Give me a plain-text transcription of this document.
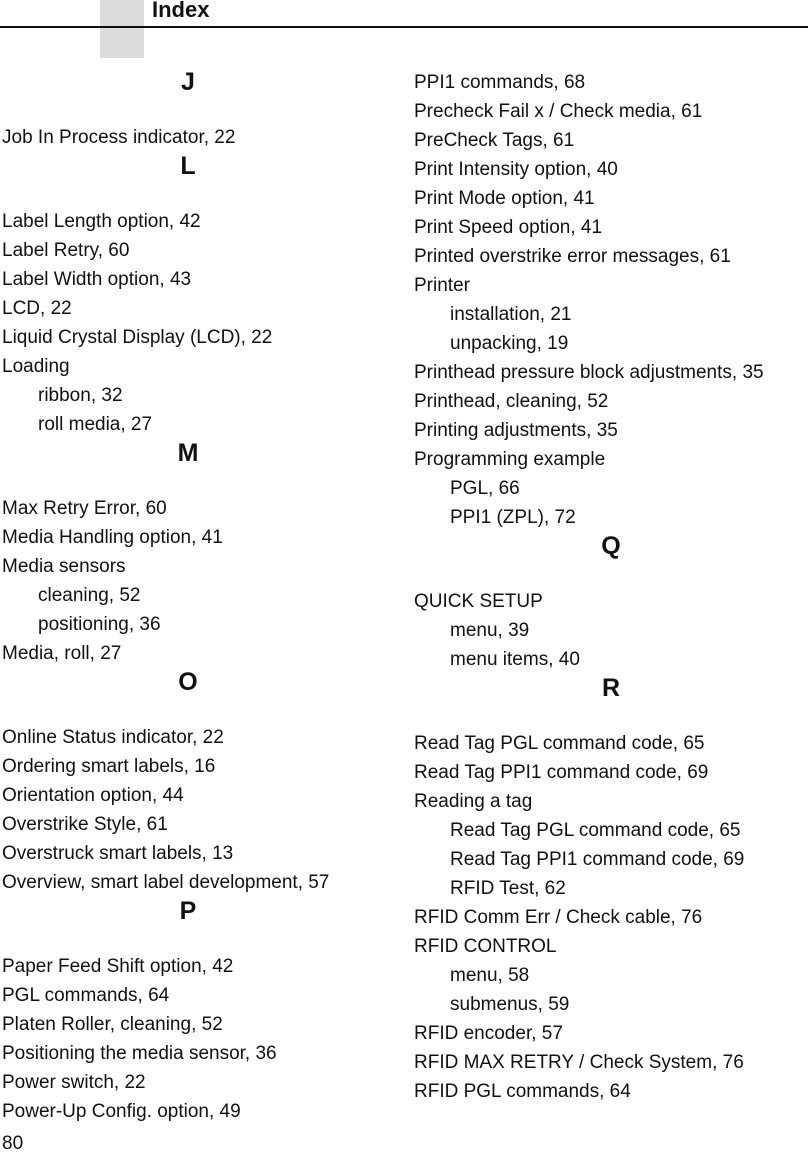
Index
J
Job In Process indicator, 22
L
Label Length option, 42
Label Retry, 60
Label Width option, 43
LCD, 22
Liquid Crystal Display (LCD), 22
Loading
ribbon, 32
roll media, 27
M
Max Retry Error, 60
Media Handling option, 41
Media sensors
cleaning, 52
positioning, 36
Media, roll, 27
O
Online Status indicator, 22
Ordering smart labels, 16
Orientation option, 44
Overstrike Style, 61
Overstruck smart labels, 13
Overview, smart label development, 57
P
Paper Feed Shift option, 42
PGL commands, 64
Platen Roller, cleaning, 52
Positioning the media sensor, 36
Power switch, 22
Power-Up Config. option, 49
PPI1 commands, 68
Precheck Fail x / Check media, 61
PreCheck Tags, 61
Print Intensity option, 40
Print Mode option, 41
Print Speed option, 41
Printed overstrike error messages, 61
Printer
installation, 21
unpacking, 19
Printhead pressure block adjustments, 35
Printhead, cleaning, 52
Printing adjustments, 35
Programming example
PGL, 66
PPI1 (ZPL), 72
Q
QUICK SETUP
menu, 39
menu items, 40
R
Read Tag PGL command code, 65
Read Tag PPI1 command code, 69
Reading a tag
Read Tag PGL command code, 65
Read Tag PPI1 command code, 69
RFID Test, 62
RFID Comm Err / Check cable, 76
RFID CONTROL
menu, 58
submenus, 59
RFID encoder, 57
RFID MAX RETRY / Check System, 76
RFID PGL commands, 64
80
